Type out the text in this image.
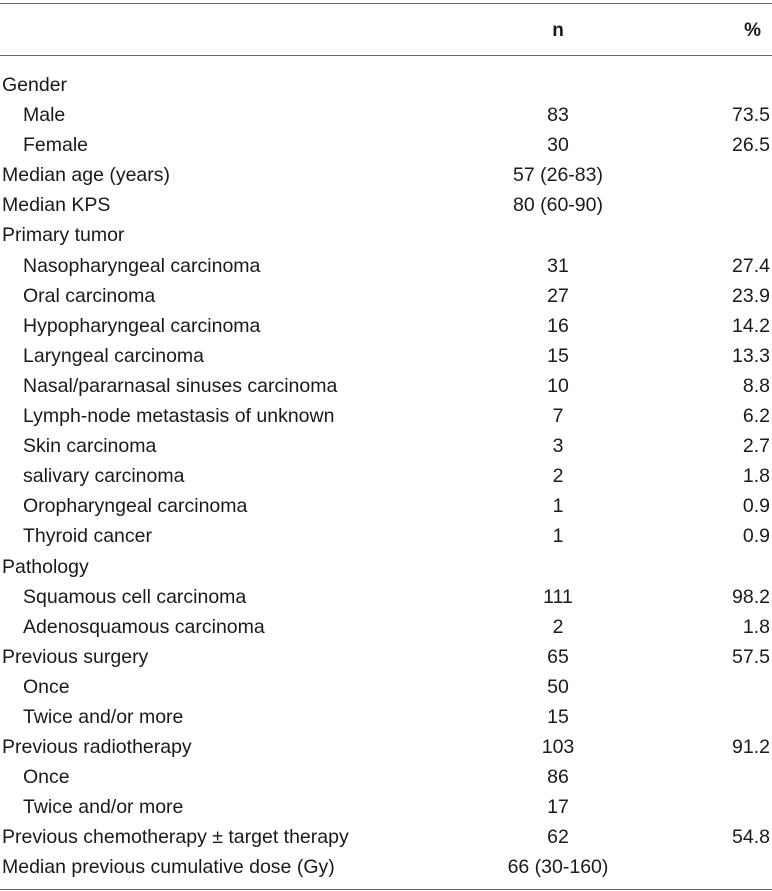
n	%
Gender
Male	83	73.5
Female	30	26.5
Median age (years)	57 (26-83)
Median KPS	80 (60-90)
Primary tumor
Nasopharyngeal carcinoma	31	27.4
Oral carcinoma	27	23.9
Hypopharyngeal carcinoma	16	14.2
Laryngeal carcinoma	15	13.3
Nasal/pararnasal sinuses carcinoma	10	8.8
Lymph-node metastasis of unknown	7	6.2
Skin carcinoma	3	2.7
salivary carcinoma	2	1.8
Oropharyngeal carcinoma	1	0.9
Thyroid cancer	1	0.9
Pathology
Squamous cell carcinoma	111	98.2
Adenosquamous carcinoma	2	1.8
Previous surgery	65	57.5
Once	50
Twice and/or more	15
Previous radiotherapy	103	91.2
Once	86
Twice and/or more	17
Previous chemotherapy ± target therapy	62	54.8
Median previous cumulative dose (Gy)	66 (30-160)
